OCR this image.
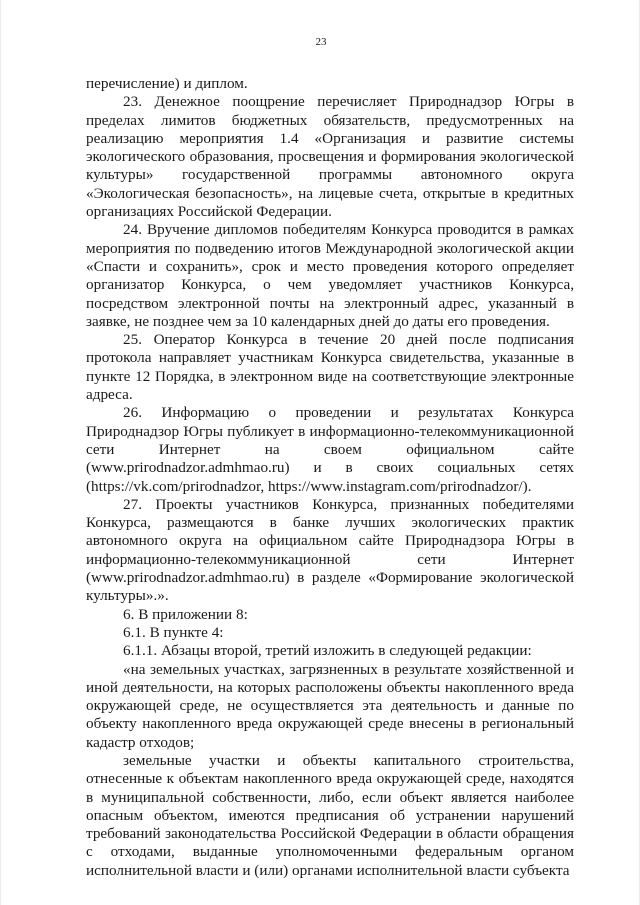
23

перечисление) и диплом.

23. Денежное поощрение перечисляет Природнадзор Югры в пределах лимитов бюджетных обязательств, предусмотренных на реализацию мероприятия 1.4 «Организация и развитие системы экологического образования, просвещения и формирования экологической культуры» государственной программы автономного округа «Экологическая безопасность», на лицевые счета, открытые в кредитных организациях Российской Федерации.

24. Вручение дипломов победителям Конкурса проводится в рамках мероприятия по подведению итогов Международной экологической акции «Спасти и сохранить», срок и место проведения которого определяет организатор Конкурса, о чем уведомляет участников Конкурса, посредством электронной почты на электронный адрес, указанный в заявке, не позднее чем за 10 календарных дней до даты его проведения.

25. Оператор Конкурса в течение 20 дней после подписания протокола направляет участникам Конкурса свидетельства, указанные в пункте 12 Порядка, в электронном виде на соответствующие электронные адреса.

26. Информацию о проведении и результатах Конкурса Природнадзор Югры публикует в информационно-телекоммуникационной сети Интернет на своем официальном сайте (www.prirodnadzor.admhmao.ru) и в своих социальных сетях (https://vk.com/prirodnadzor, https://www.instagram.com/prirodnadzor/).

27. Проекты участников Конкурса, признанных победителями Конкурса, размещаются в банке лучших экологических практик автономного округа на официальном сайте Природнадзора Югры в информационно-телекоммуникационной сети Интернет (www.prirodnadzor.admhmao.ru) в разделе «Формирование экологической культуры».».

6. В приложении 8:

6.1. В пункте 4:

6.1.1. Абзацы второй, третий изложить в следующей редакции:

«на земельных участках, загрязненных в результате хозяйственной и иной деятельности, на которых расположены объекты накопленного вреда окружающей среде, не осуществляется эта деятельность и данные по объекту накопленного вреда окружающей среде внесены в региональный кадастр отходов;

земельные участки и объекты капитального строительства, отнесенные к объектам накопленного вреда окружающей среде, находятся в муниципальной собственности, либо, если объект является наиболее опасным объектом, имеются предписания об устранении нарушений требований законодательства Российской Федерации в области обращения с отходами, выданные уполномоченными федеральным органом исполнительной власти и (или) органами исполнительной власти субъекта
